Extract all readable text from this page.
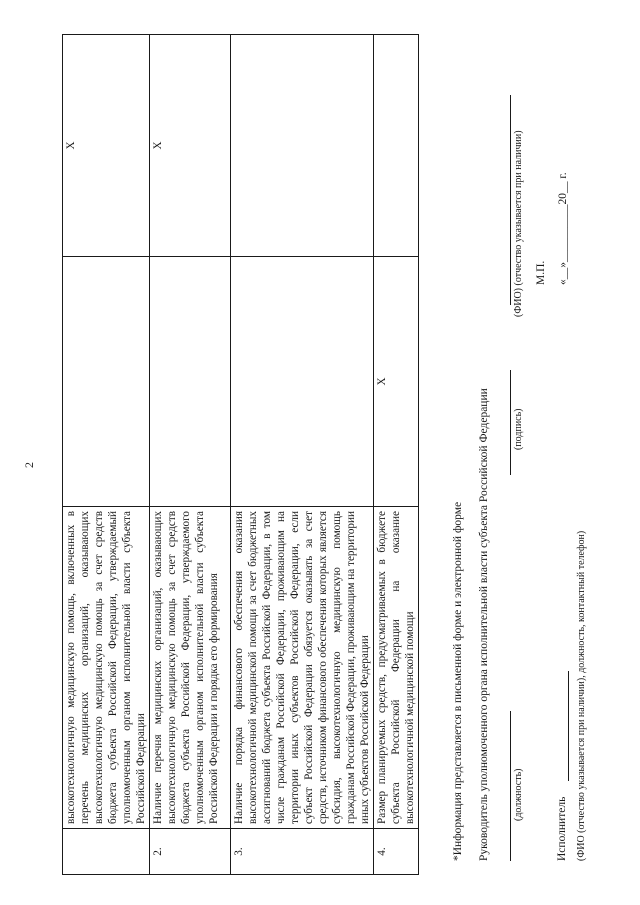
2
	высокотехнологичную медицинскую помощь, включенных в перечень медицинских организаций, оказывающих высокотехнологичную медицинскую помощь за счет средств бюджета субъекта Российской Федерации, утверждаемый уполномоченным органом исполнительной власти субъекта Российской Федерации		X
2.	Наличие перечня медицинских организаций, оказывающих высокотехнологичную медицинскую помощь за счет средств бюджета субъекта Российской Федерации, утверждаемого уполномоченным органом исполнительной власти субъекта Российской Федерации и порядка его формирования		X
3.	Наличие порядка финансового обеспечения оказания высокотехнологичной медицинской помощи за счет бюджетных ассигнований бюджета субъекта Российской Федерации, в том числе гражданам Российской Федерации, проживающим на территории иных субъектов Российской Федерации, если субъект Российской Федерации обязуется оказывать за счет средств, источником финансового обеспечения которых является субсидия, высокотехнологичную медицинскую помощь гражданам Российской Федерации, проживающим на территории иных субъектов Российской Федерации		
4.	Размер планируемых средств, предусматриваемых в бюджете субъекта Российской Федерации на оказание высокотехнологичной медицинской помощи	X	
*Информация представляется в письменной форме и электронной форме Руководитель уполномоченного органа исполнительной власти субъекта Российской Федерации (должность)
(подпись)
(ФИО) (отчество указывается при наличии) М.П. «__»__________20__ г.
Исполнитель (ФИО (отчество указывается при наличии), должность, контактный телефон)
